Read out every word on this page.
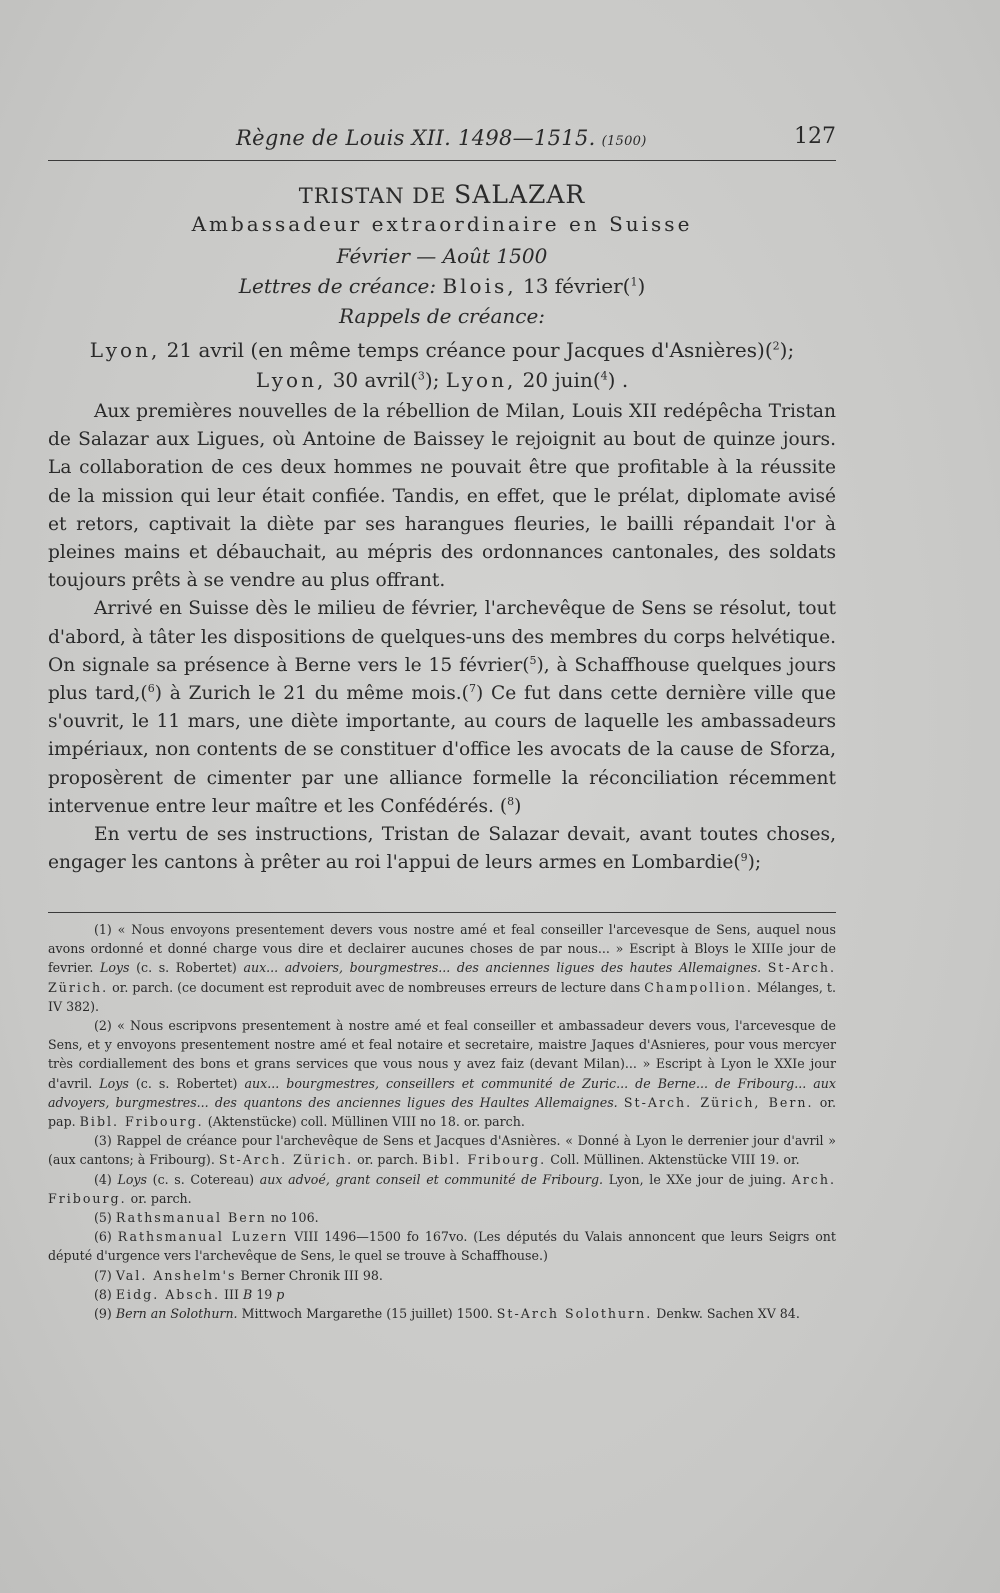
Règne de Louis XII. 1498—1515. (1500)	127
TRISTAN DE SALAZAR
Ambassadeur extraordinaire en Suisse
Février — Août 1500
Lettres de créance: Blois, 13 février($^1$)
Rappels de créance:
Lyon, 21 avril (en même temps créance pour Jacques d'Asnières)($^2$);
Lyon, 30 avril($^3$); Lyon, 20 juin($^4$) .

Aux premières nouvelles de la rébellion de Milan, Louis XII redépêcha Tristan de Salazar aux Ligues, où Antoine de Baissey le rejoignit au bout de quinze jours. La collaboration de ces deux hommes ne pouvait être que profitable à la réussite de la mission qui leur était confiée. Tandis, en effet, que le prélat, diplomate avisé et retors, captivait la diète par ses harangues fleuries, le bailli répandait l'or à pleines mains et débauchait, au mépris des ordonnances cantonales, des soldats toujours prêts à se vendre au plus offrant.

Arrivé en Suisse dès le milieu de février, l'archevêque de Sens se résolut, tout d'abord, à tâter les dispositions de quelques-uns des membres du corps helvétique. On signale sa présence à Berne vers le 15 février($^5$), à Schaffhouse quelques jours plus tard,($^6$) à Zurich le 21 du même mois.($^7$) Ce fut dans cette dernière ville que s'ouvrit, le 11 mars, une diète importante, au cours de laquelle les ambassadeurs impériaux, non contents de se constituer d'office les avocats de la cause de Sforza, proposèrent de cimenter par une alliance formelle la réconciliation récemment intervenue entre leur maître et les Confédérés. ($^8$)

En vertu de ses instructions, Tristan de Salazar devait, avant toutes choses, engager les cantons à prêter au roi l'appui de leurs armes en Lombardie($^9$);

(1) « Nous envoyons presentement devers vous nostre amé et feal conseiller l'arcevesque de Sens, auquel nous avons ordonné et donné charge vous dire et declairer aucunes choses de par nous... » Escript à Bloys le XIIIe jour de fevrier. Loys (c. s. Robertet) aux... advoiers, bourgmestres... des anciennes ligues des hautes Allemaignes. St-Arch. Zürich. or. parch. (ce document est reproduit avec de nombreuses erreurs de lecture dans Champollion. Mélanges, t. IV 382).

(2) « Nous escripvons presentement à nostre amé et feal conseiller et ambassadeur devers vous, l'arcevesque de Sens, et y envoyons presentement nostre amé et feal notaire et secretaire, maistre Jaques d'Asnieres, pour vous mercyer très cordiallement des bons et grans services que vous nous y avez faiz (devant Milan)... » Escript à Lyon le XXIe jour d'avril. Loys (c. s. Robertet) aux... bourgmestres, conseillers et communité de Zuric... de Berne... de Fribourg... aux advoyers, burgmestres... des quantons des anciennes ligues des Haultes Allemaignes. St-Arch. Zürich, Bern. or. pap. Bibl. Fribourg. (Aktenstücke) coll. Müllinen VIII no 18. or. parch.

(3) Rappel de créance pour l'archevêque de Sens et Jacques d'Asnières. « Donné à Lyon le derrenier jour d'avril » (aux cantons; à Fribourg). St-Arch. Zürich. or. parch. Bibl. Fribourg. Coll. Müllinen. Aktenstücke VIII 19. or.

(4) Loys (c. s. Cotereau) aux advoé, grant conseil et communité de Fribourg. Lyon, le XXe jour de juing. Arch. Fribourg. or. parch.

(5) Rathsmanual Bern no 106.

(6) Rathsmanual Luzern VIII 1496—1500 fo 167vo. (Les députés du Valais annoncent que leurs Seigrs ont député d'urgence vers l'archevêque de Sens, le quel se trouve à Schaffhouse.)

(7) Val. Anshelm's Berner Chronik III 98.

(8) Eidg. Absch. III B 19 p

(9) Bern an Solothurn. Mittwoch Margarethe (15 juillet) 1500. St-Arch Solothurn. Denkw. Sachen XV 84.
